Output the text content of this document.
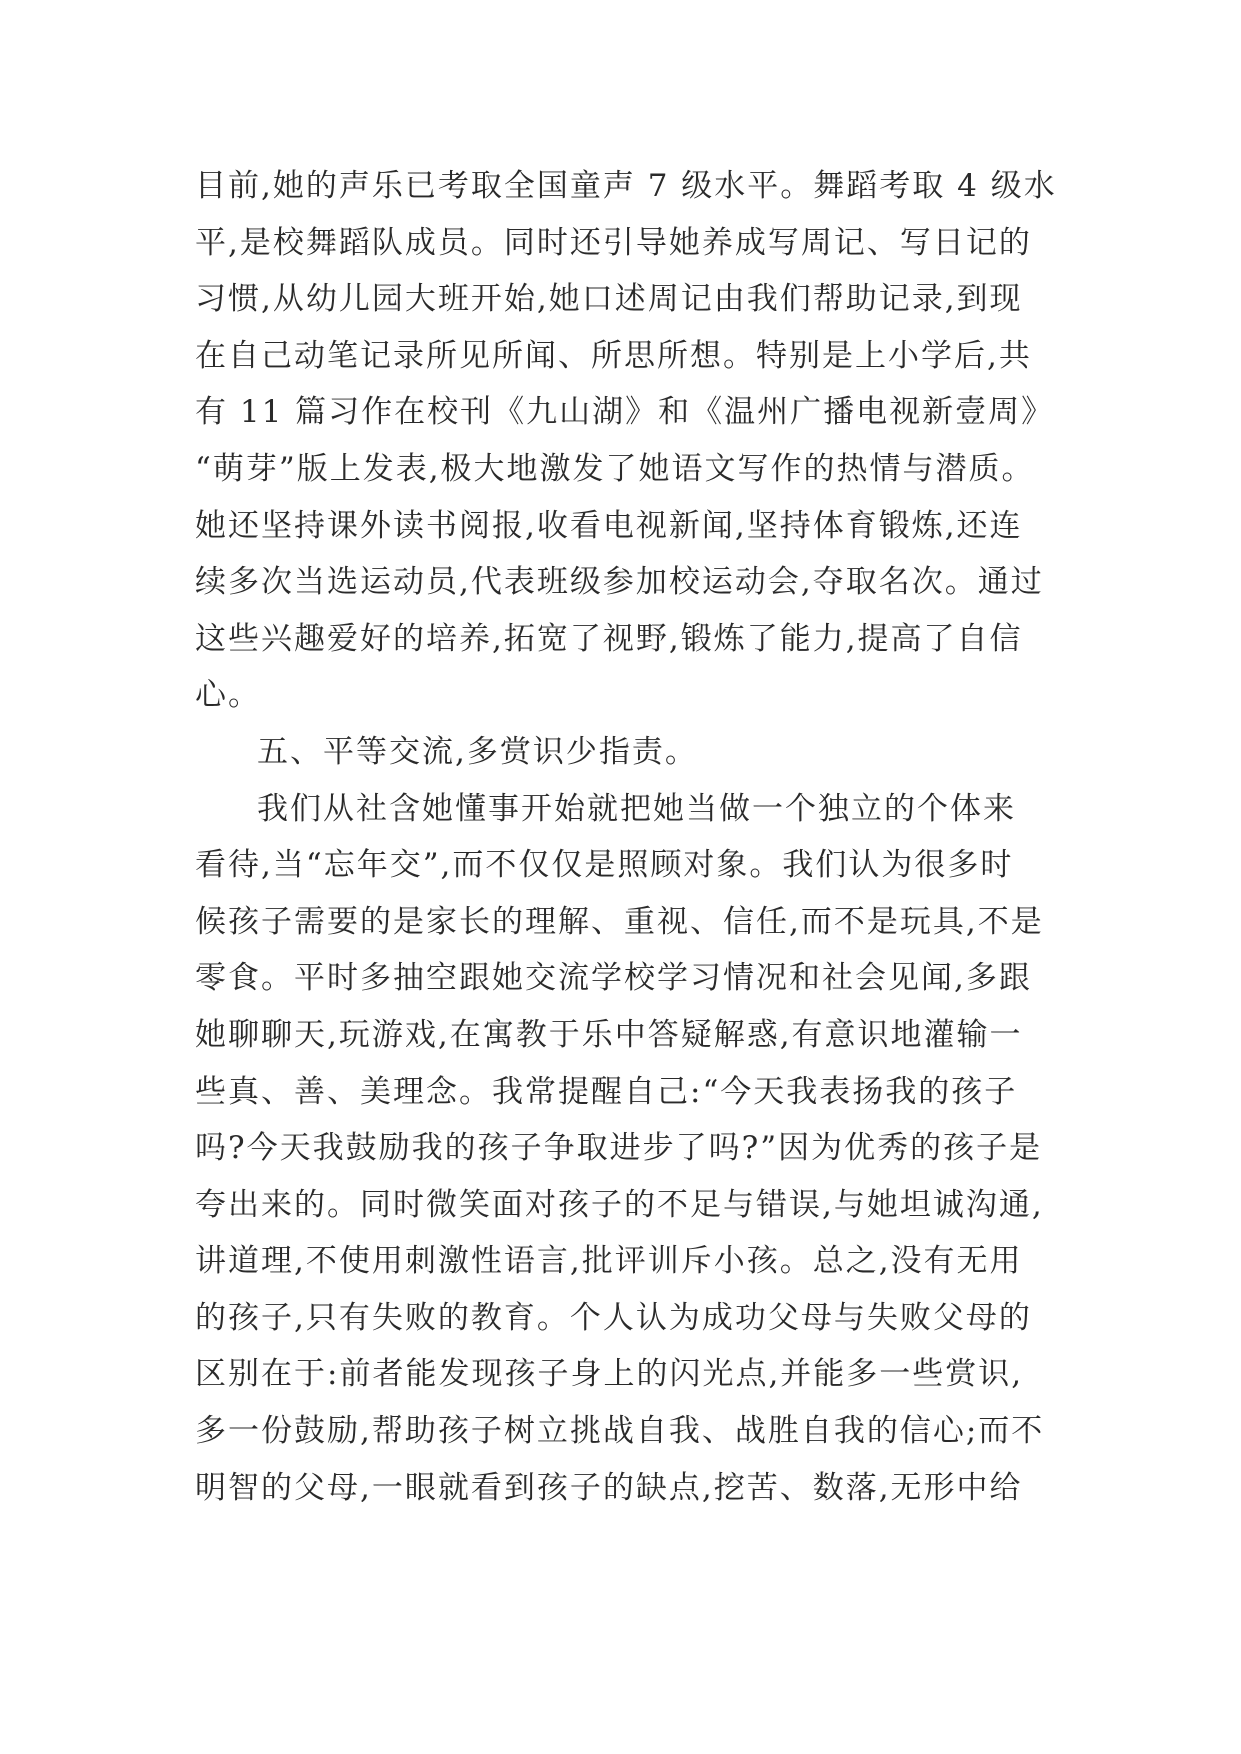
目前,她的声乐已考取全国童声 7 级水平。舞蹈考取 4 级水
平,是校舞蹈队成员。同时还引导她养成写周记、写日记的
习惯,从幼儿园大班开始,她口述周记由我们帮助记录,到现
在自己动笔记录所见所闻、所思所想。特别是上小学后,共
有 11 篇习作在校刊《九山湖》和《温州广播电视新壹周》
“萌芽”版上发表,极大地激发了她语文写作的热情与潜质。
她还坚持课外读书阅报,收看电视新闻,坚持体育锻炼,还连
续多次当选运动员,代表班级参加校运动会,夺取名次。通过
这些兴趣爱好的培养,拓宽了视野,锻炼了能力,提高了自信
心。
五、平等交流,多赏识少指责。
我们从社含她懂事开始就把她当做一个独立的个体来
看待,当“忘年交”,而不仅仅是照顾对象。我们认为很多时
候孩子需要的是家长的理解、重视、信任,而不是玩具,不是
零食。平时多抽空跟她交流学校学习情况和社会见闻,多跟
她聊聊天,玩游戏,在寓教于乐中答疑解惑,有意识地灌输一
些真、善、美理念。我常提醒自己:“今天我表扬我的孩子
吗?今天我鼓励我的孩子争取进步了吗?”因为优秀的孩子是
夸出来的。同时微笑面对孩子的不足与错误,与她坦诚沟通,
讲道理,不使用刺激性语言,批评训斥小孩。总之,没有无用
的孩子,只有失败的教育。个人认为成功父母与失败父母的
区别在于:前者能发现孩子身上的闪光点,并能多一些赏识,
多一份鼓励,帮助孩子树立挑战自我、战胜自我的信心;而不
明智的父母,一眼就看到孩子的缺点,挖苦、数落,无形中给
